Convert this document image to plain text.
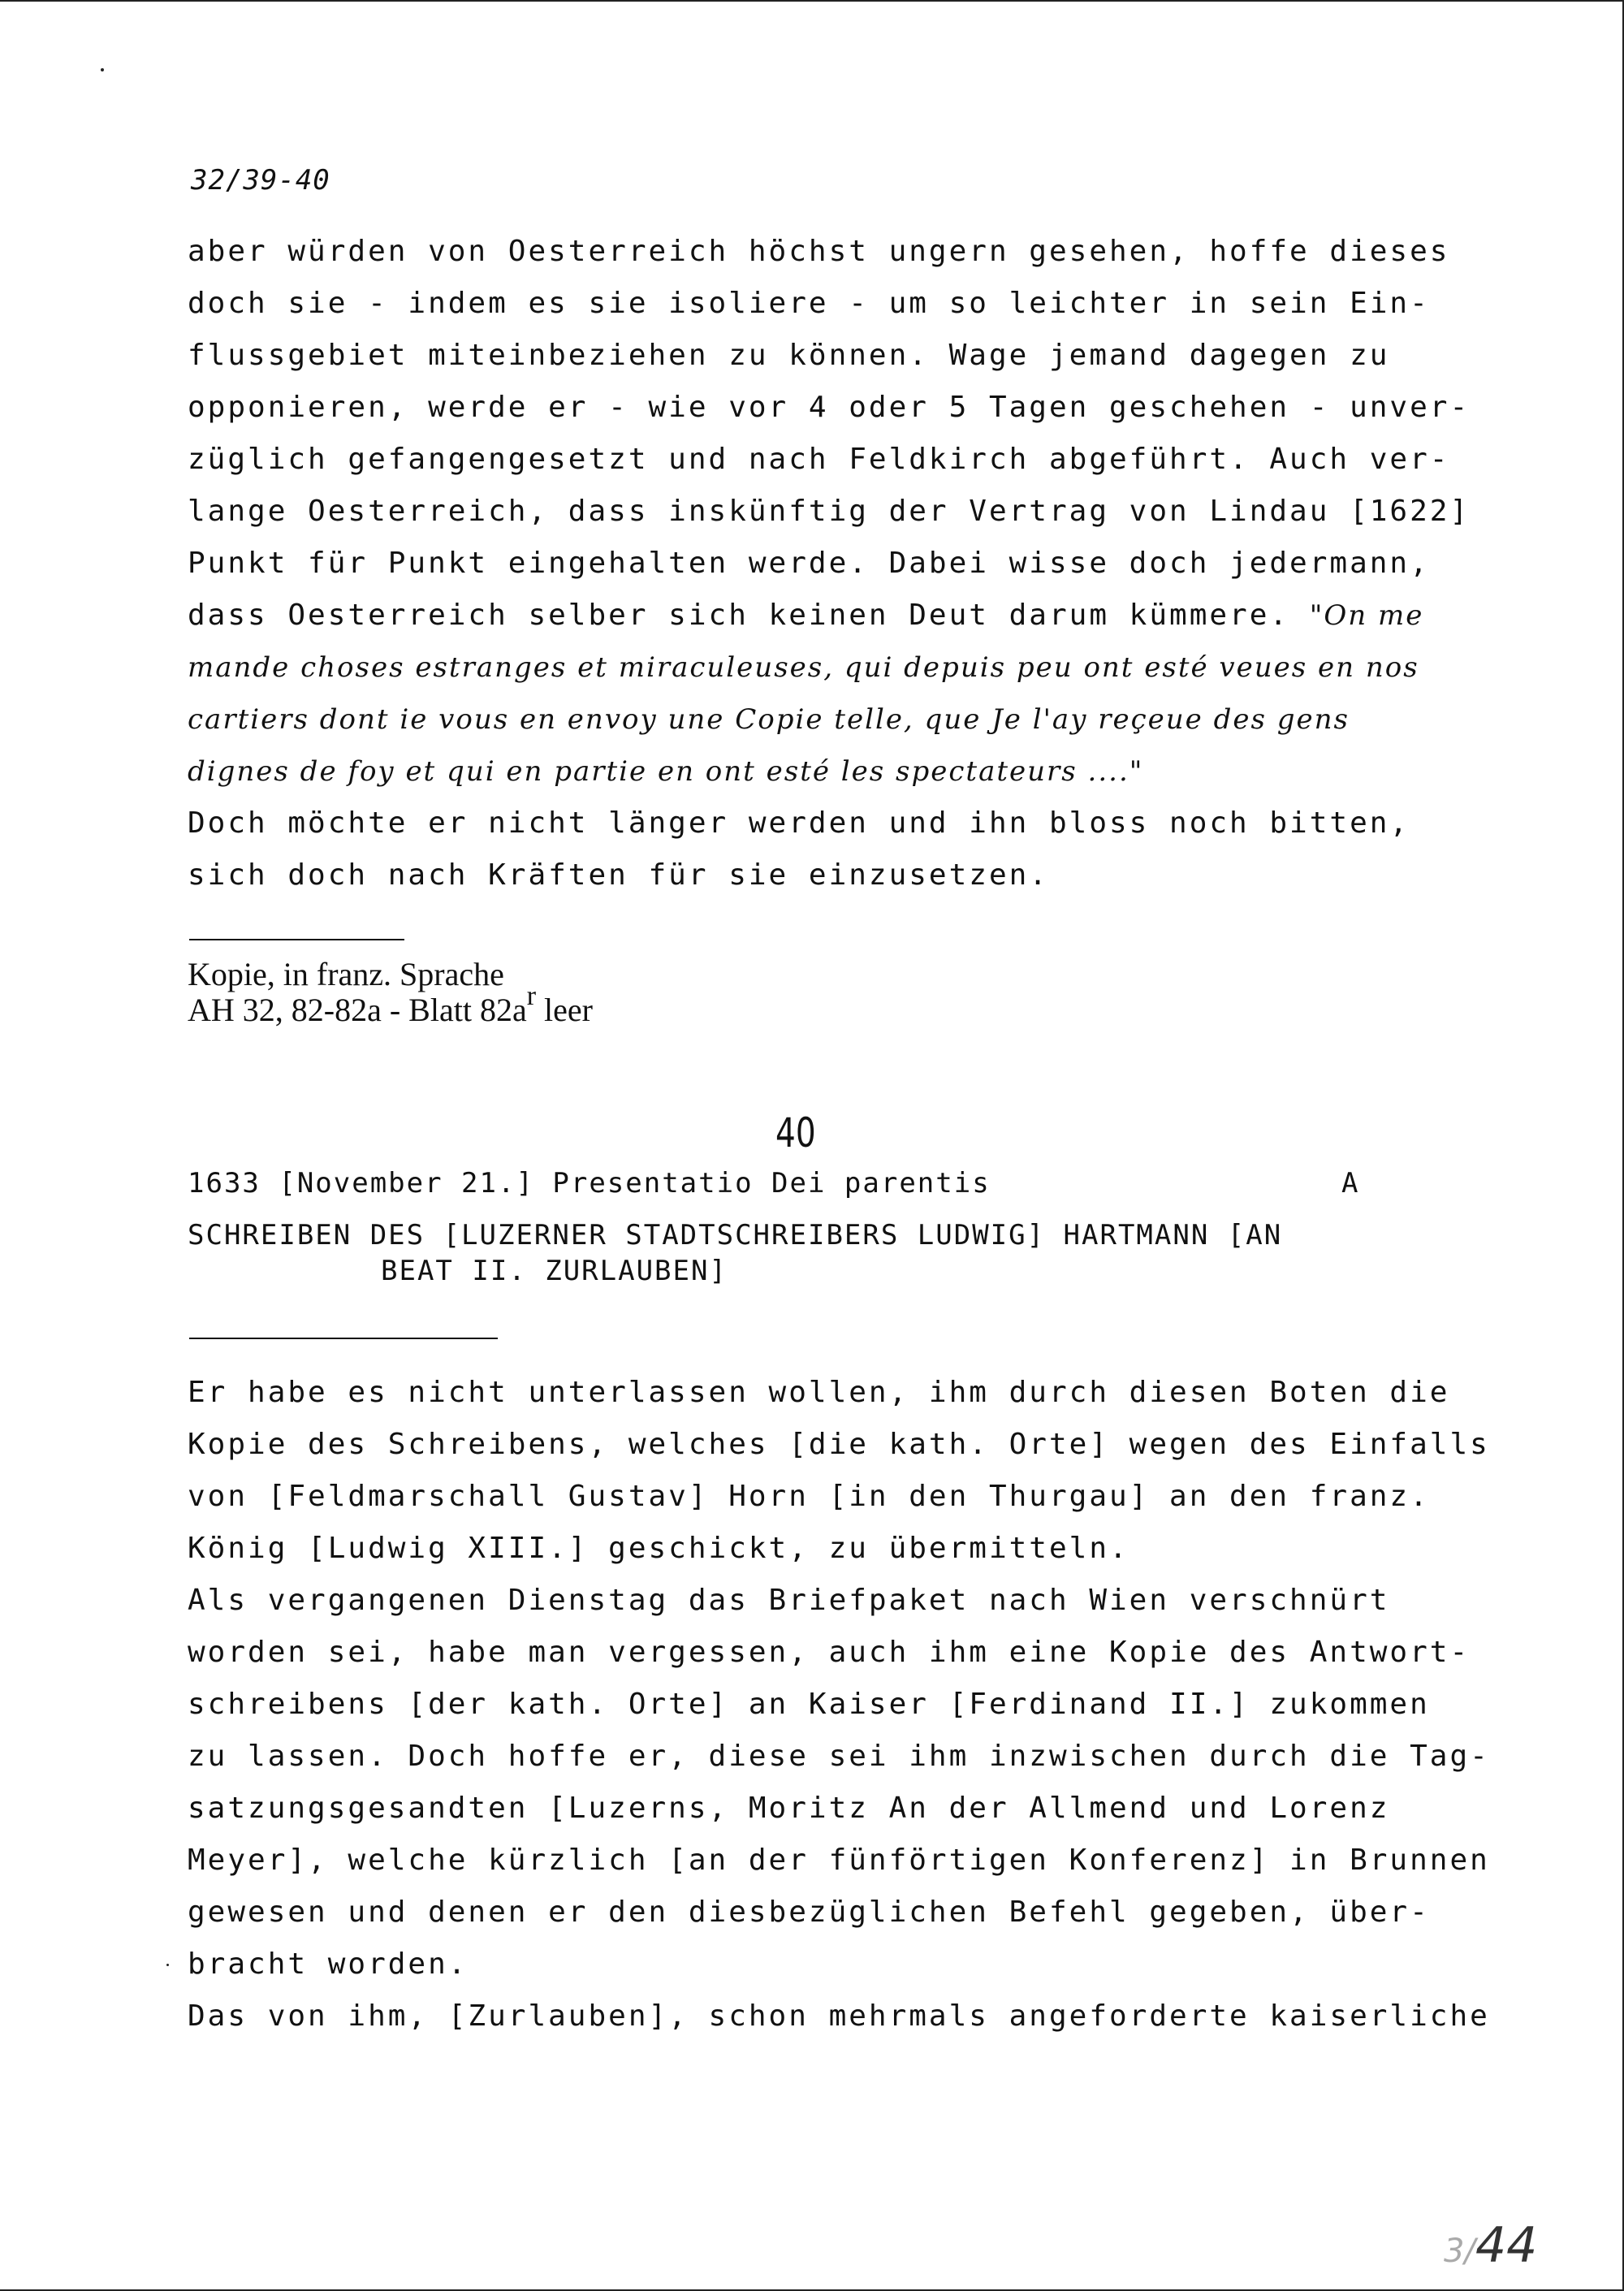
32/39-40
aber würden von Oesterreich höchst ungern gesehen, hoffe dieses
doch sie - indem es sie isoliere - um so leichter in sein Ein-
flussgebiet miteinbeziehen zu können. Wage jemand dagegen zu
opponieren, werde er - wie vor 4 oder 5 Tagen geschehen - unver-
züglich gefangengesetzt und nach Feldkirch abgeführt. Auch ver-
lange Oesterreich, dass inskünftig der Vertrag von Lindau [1622]
Punkt für Punkt eingehalten werde. Dabei wisse doch jedermann,
dass Oesterreich selber sich keinen Deut darum kümmere. "On me
mande choses estranges et miraculeuses, qui depuis peu ont esté veues en nos
cartiers dont ie vous en envoy une Copie telle, que Je l'ay reçeue des gens
dignes de foy et qui en partie en ont esté les spectateurs ...."
Doch möchte er nicht länger werden und ihn bloss noch bitten,
sich doch nach Kräften für sie einzusetzen.
Kopie, in franz. Sprache
AH 32, 82-82a - Blatt $82a^r$ leer
40
1633 [November 21.] Presentatio Dei parentis	A
SCHREIBEN DES [LUZERNER STADTSCHREIBERS LUDWIG] HARTMANN [AN
BEAT II. ZURLAUBEN]
Er habe es nicht unterlassen wollen, ihm durch diesen Boten die
Kopie des Schreibens, welches [die kath. Orte] wegen des Einfalls
von [Feldmarschall Gustav] Horn [in den Thurgau] an den franz.
König [Ludwig XIII.] geschickt, zu übermitteln.
Als vergangenen Dienstag das Briefpaket nach Wien verschnürt
worden sei, habe man vergessen, auch ihm eine Kopie des Antwort-
schreibens [der kath. Orte] an Kaiser [Ferdinand II.] zukommen
zu lassen. Doch hoffe er, diese sei ihm inzwischen durch die Tag-
satzungsgesandten [Luzerns, Moritz An der Allmend und Lorenz
Meyer], welche kürzlich [an der fünförtigen Konferenz] in Brunnen
gewesen und denen er den diesbezüglichen Befehl gegeben, über-
bracht worden.
Das von ihm, [Zurlauben], schon mehrmals angeforderte kaiserliche
3/44
